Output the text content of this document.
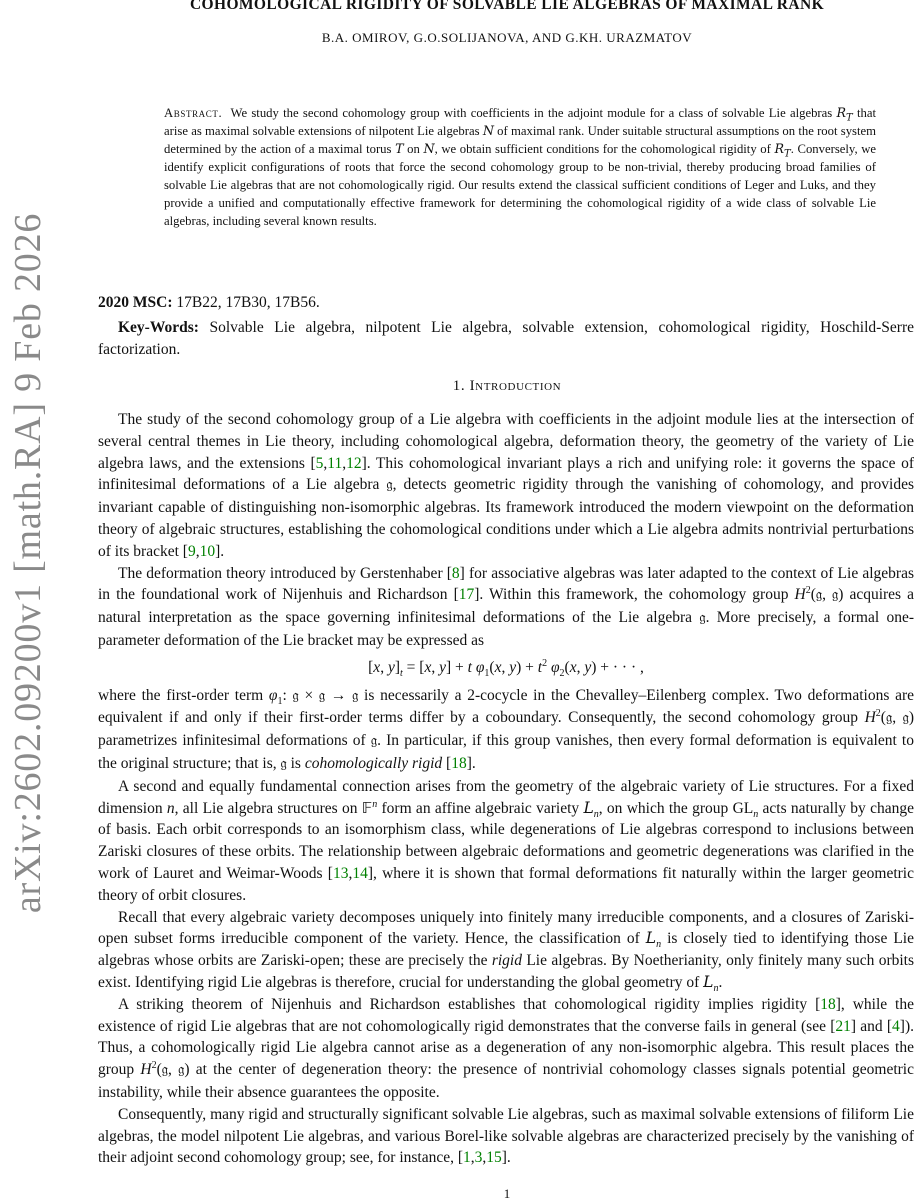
arXiv:2602.09200v1 [math.RA] 9 Feb 2026
COHOMOLOGICAL RIGIDITY OF SOLVABLE LIE ALGEBRAS OF MAXIMAL RANK
B.A. OMIROV, G.O.SOLIJANOVA, AND G.KH. URAZMATOV

Abstract. We study the second cohomology group with coefficients in the adjoint module for a class of solvable Lie algebras $R_T$ that arise as maximal solvable extensions of nilpotent Lie algebras N of maximal rank. Under suitable structural assumptions on the root system determined by the action of a maximal torus T on N, we obtain sufficient conditions for the cohomological rigidity of $R_T$. Conversely, we identify explicit configurations of roots that force the second cohomology group to be non-trivial, thereby producing broad families of solvable Lie algebras that are not cohomologically rigid. Our results extend the classical sufficient conditions of Leger and Luks, and they provide a unified and computationally effective framework for determining the cohomological rigidity of a wide class of solvable Lie algebras, including several known results.

2020 MSC: 17B22, 17B30, 17B56.

Key-Words: Solvable Lie algebra, nilpotent Lie algebra, solvable extension, cohomological rigidity, Hoschild-Serre factorization.

1. Introduction

The study of the second cohomology group of a Lie algebra with coefficients in the adjoint module lies at the intersection of several central themes in Lie theory, including cohomological algebra, deformation theory, the geometry of the variety of Lie algebra laws, and the extensions [5,11,12]. This cohomological invariant plays a rich and unifying role: it governs the space of infinitesimal deformations of a Lie algebra 𝔤, detects geometric rigidity through the vanishing of cohomology, and provides invariant capable of distinguishing non-isomorphic algebras. Its framework introduced the modern viewpoint on the deformation theory of algebraic structures, establishing the cohomological conditions under which a Lie algebra admits nontrivial perturbations of its bracket [9,10].

The deformation theory introduced by Gerstenhaber [8] for associative algebras was later adapted to the context of Lie algebras in the foundational work of Nijenhuis and Richardson [17]. Within this framework, the cohomology group $H^2(𝔤$, 𝔤) acquires a natural interpretation as the space governing infinitesimal deformations of the Lie algebra 𝔤. More precisely, a formal one-parameter deformation of the Lie bracket may be expressed as

[x, $y]_t = [x$, y] + t $\varphi_1(x$, $y) + t^2$ $\varphi_2(x$, y) + · · · ,

where the first-order term $\varphi_1$: 𝔤 × 𝔤 → 𝔤 is necessarily a 2-cocycle in the Chevalley–Eilenberg complex. Two deformations are equivalent if and only if their first-order terms differ by a coboundary. Consequently, the second cohomology group $H^2(𝔤$, 𝔤) parametrizes infinitesimal deformations of 𝔤. In particular, if this group vanishes, then every formal deformation is equivalent to the original structure; that is, 𝔤 is cohomologically rigid [18].

A second and equally fundamental connection arises from the geometry of the algebraic variety of Lie structures. For a fixed dimension n, all Lie algebra structures on 𝔽$^n$ form an affine algebraic variety $L_n$, on which the group $GL_n$ acts naturally by change of basis. Each orbit corresponds to an isomorphism class, while degenerations of Lie algebras correspond to inclusions between Zariski closures of these orbits. The relationship between algebraic deformations and geometric degenerations was clarified in the work of Lauret and Weimar-Woods [13,14], where it is shown that formal deformations fit naturally within the larger geometric theory of orbit closures.

Recall that every algebraic variety decomposes uniquely into finitely many irreducible components, and a closures of Zariski-open subset forms irreducible component of the variety. Hence, the classification of $L_n$ is closely tied to identifying those Lie algebras whose orbits are Zariski-open; these are precisely the rigid Lie algebras. By Noetherianity, only finitely many such orbits exist. Identifying rigid Lie algebras is therefore, crucial for understanding the global geometry of $L_n$.

A striking theorem of Nijenhuis and Richardson establishes that cohomological rigidity implies rigidity [18], while the existence of rigid Lie algebras that are not cohomologically rigid demonstrates that the converse fails in general (see [21] and [4]). Thus, a cohomologically rigid Lie algebra cannot arise as a degeneration of any non-isomorphic algebra. This result places the group $H^2(𝔤$, 𝔤) at the center of degeneration theory: the presence of nontrivial cohomology classes signals potential geometric instability, while their absence guarantees the opposite.

Consequently, many rigid and structurally significant solvable Lie algebras, such as maximal solvable extensions of filiform Lie algebras, the model nilpotent Lie algebras, and various Borel-like solvable algebras are characterized precisely by the vanishing of their adjoint second cohomology group; see, for instance, [1,3,15].

1
